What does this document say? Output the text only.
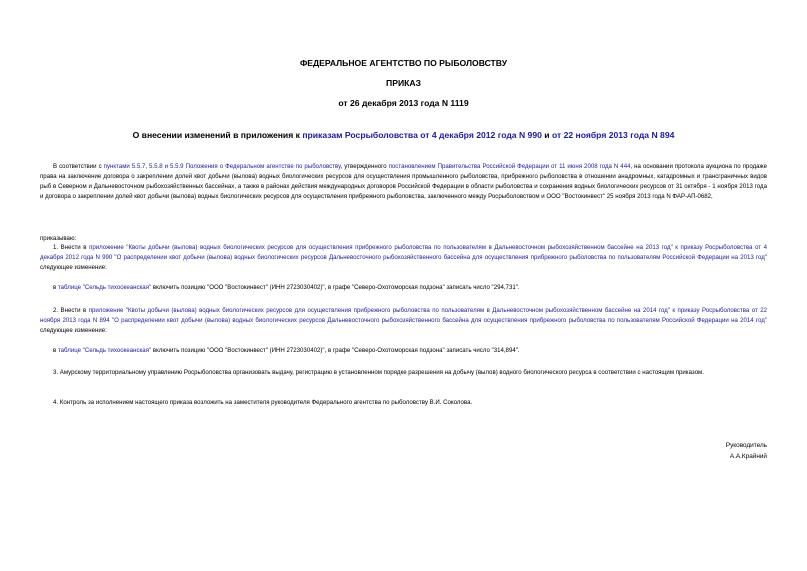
ФЕДЕРАЛЬНОЕ АГЕНТСТВО ПО РЫБОЛОВСТВУ
ПРИКАЗ
от 26 декабря 2013 года N 1119
О внесении изменений в приложения к приказам Росрыболовства от 4 декабря 2012 года N 990 и от 22 ноября 2013 года N 894
В соответствии с пунктами 5.5.7, 5.5.8 и 5.5.9 Положения о Федеральном агентстве по рыболовству, утвержденного постановлением Правительства Российской Федерации от 11 июня 2008 года N 444, на основании протокола аукциона по продаже права на заключение договора о закреплении долей квот добычи (вылова) водных биологических ресурсов для осуществления промышленного рыболовства, прибрежного рыболовства в отношении анадромных, катадромных и трансграничных видов рыб в Северном и Дальневосточном рыбохозяйственных бассейнах, а также в районах действия международных договоров Российской Федерации в области рыболовства и сохранения водных биологических ресурсов от 31 октября - 1 ноября 2013 года и договора о закреплении долей квот добычи (вылова) водных биологических ресурсов для осуществления прибрежного рыболовства, заключенного между Росрыболовством и ООО "Востокинвест" 25 ноября 2013 года N ФАР-АП-0682,
приказываю:
1. Внести в приложение "Квоты добычи (вылова) водных биологических ресурсов для осуществления прибрежного рыболовства по пользователям в Дальневосточном рыбохозяйственном бассейне на 2013 год" к приказу Росрыболовства от 4 декабря 2012 года N 990 "О распределении квот добычи (вылова) водных биологических ресурсов Дальневосточного рыбохозяйственного бассейна для осуществления прибрежного рыболовства по пользователям Российской Федерации на 2013 год" следующее изменение:
в таблице "Сельдь тихоокеанская" включить позицию "ООО "Востокинвест" (ИНН 2723030402)", в графе "Северо-Охотоморская подзона" записать число "294,731".
2. Внести в приложение "Квоты добычи (вылова) водных биологических ресурсов для осуществления прибрежного рыболовства по пользователям в Дальневосточном рыбохозяйственном бассейне на 2014 год" к приказу Росрыболовства от 22 ноября 2013 года N 894 "О распределении квот добычи (вылова) водных биологических ресурсов Дальневосточного рыбохозяйственного бассейна для осуществления прибрежного рыболовства по пользователям Российской Федерации на 2014 год" следующее изменение:
в таблице "Сельдь тихоокеанская" включить позицию "ООО "Востокинвест" (ИНН 2723030402)", в графе "Северо-Охотоморская подзона" записать число "314,894".
3. Амурскому территориальному управлению Росрыболовства организовать выдачу, регистрацию в установленном порядке разрешения на добычу (вылов) водного биологического ресурса в соответствии с настоящим приказом.
4. Контроль за исполнением настоящего приказа возложить на заместителя руководителя Федерального агентства по рыболовству В.И. Соколова.
Руководитель
А.А.Крайний
